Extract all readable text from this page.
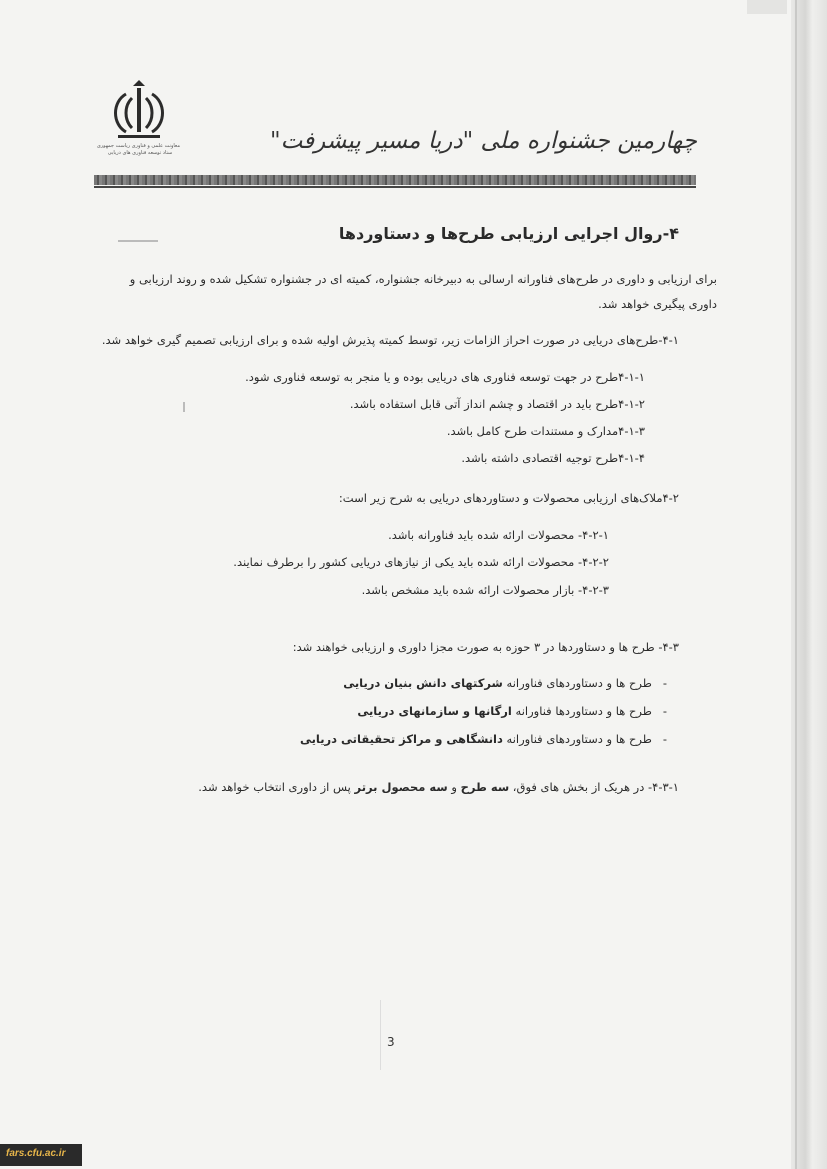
معاونت علمی و فناوری ریاست جمهوری
ستاد توسعه فناوری های دریایی	چهارمین جشنواره ملی "دریا مسیر پیشرفت"
۴-روال اجرایی ارزیابی طرح‌ها و دستاوردها
برای ارزیابی و داوری در طرح‌های فناورانه ارسالی به دبیرخانه جشنواره، کمیته ای در جشنواره تشکیل شده و روند ارزیابی و
داوری پیگیری خواهد شد.
۴-۱-طرح‌های دریایی در صورت احراز الزامات زیر، توسط کمیته پذیرش اولیه شده و برای ارزیابی تصمیم گیری خواهد شد.
۴-۱-۱طرح در جهت توسعه فناوری های دریایی بوده و یا منجر به توسعه فناوری شود.
۴-۱-۲طرح باید در اقتصاد و چشم انداز آتی قابل استفاده باشد.
۴-۱-۳مدارک و مستندات طرح کامل باشد.
۴-۱-۴طرح توجیه اقتصادی داشته باشد.
۴-۲ملاک‌های ارزیابی محصولات و دستاوردهای دریایی به شرح زیر است:
۴-۲-۱- محصولات ارائه شده باید فناورانه باشد.
۴-۲-۲- محصولات ارائه شده باید یکی از نیازهای دریایی کشور را برطرف نمایند.
۴-۲-۳- بازار محصولات ارائه شده باید مشخص باشد.
۴-۳- طرح ها و دستاوردها در ۳ حوزه به صورت مجزا داوری و ارزیابی خواهند شد:
-   طرح ها و دستاوردهای فناورانه شرکتهای دانش بنیان دریایی
-   طرح ها و دستاوردها فناورانه ارگانها و سازمانهای دریایی
-   طرح ها و دستاوردهای فناورانه دانشگاهی و مراکز تحقیقاتی دریایی
۴-۳-۱- در هریک از بخش های فوق، سه طرح و سه محصول برتر پس از داوری انتخاب خواهد شد.
3
fars.cfu.ac.ir
